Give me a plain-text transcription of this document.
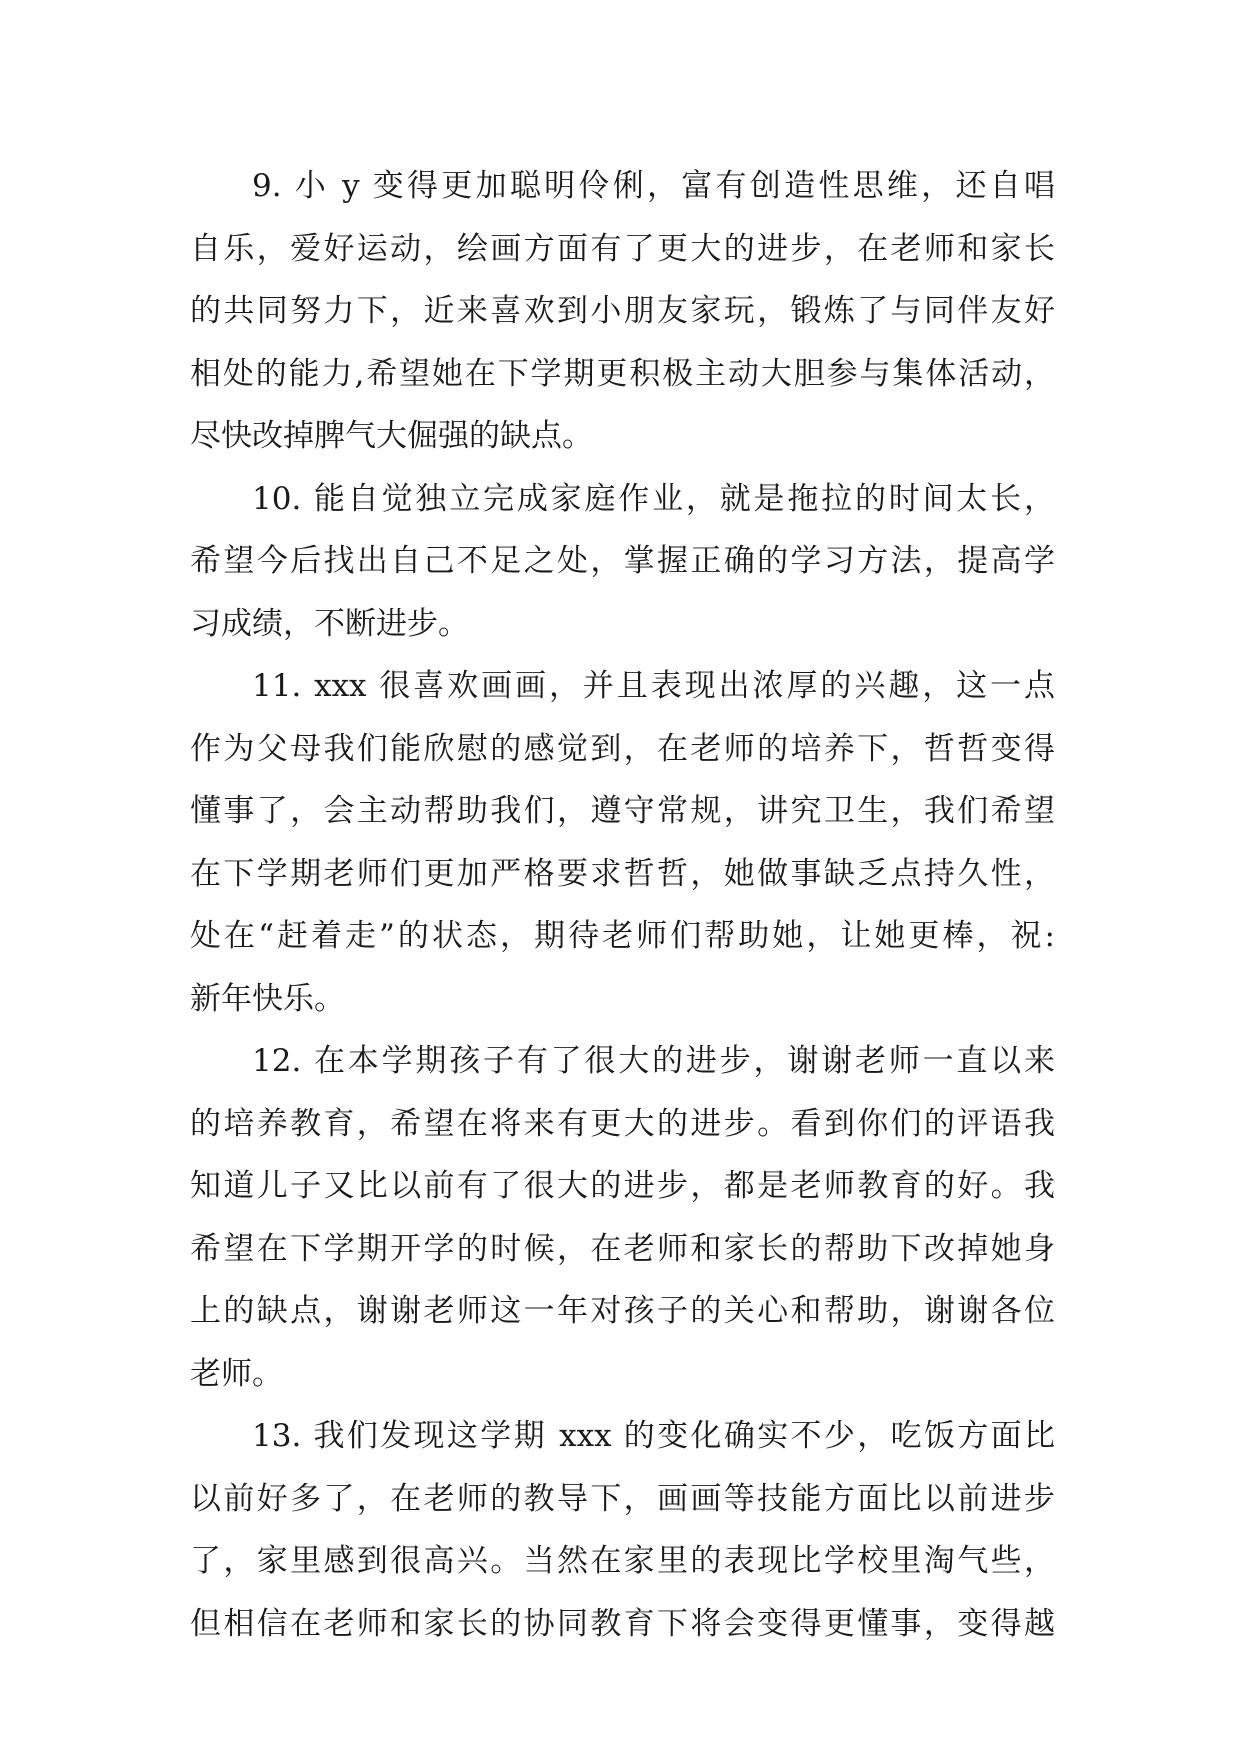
9. 小 y 变得更加聪明伶俐，富有创造性思维，还自唱
自乐，爱好运动，绘画方面有了更大的进步，在老师和家长
的共同努力下，近来喜欢到小朋友家玩，锻炼了与同伴友好
相处的能力,希望她在下学期更积极主动大胆参与集体活动，
尽快改掉脾气大倔强的缺点。
10. 能自觉独立完成家庭作业，就是拖拉的时间太长，
希望今后找出自己不足之处，掌握正确的学习方法，提高学
习成绩，不断进步。
11. xxx 很喜欢画画，并且表现出浓厚的兴趣，这一点
作为父母我们能欣慰的感觉到，在老师的培养下，哲哲变得
懂事了，会主动帮助我们，遵守常规，讲究卫生，我们希望
在下学期老师们更加严格要求哲哲，她做事缺乏点持久性，
处在“赶着走”的状态，期待老师们帮助她，让她更棒，祝:
新年快乐。
12. 在本学期孩子有了很大的进步，谢谢老师一直以来
的培养教育，希望在将来有更大的进步。看到你们的评语我
知道儿子又比以前有了很大的进步，都是老师教育的好。我
希望在下学期开学的时候，在老师和家长的帮助下改掉她身
上的缺点，谢谢老师这一年对孩子的关心和帮助，谢谢各位
老师。
13. 我们发现这学期 xxx 的变化确实不少，吃饭方面比
以前好多了，在老师的教导下，画画等技能方面比以前进步
了，家里感到很高兴。当然在家里的表现比学校里淘气些，
但相信在老师和家长的协同教育下将会变得更懂事，变得越
